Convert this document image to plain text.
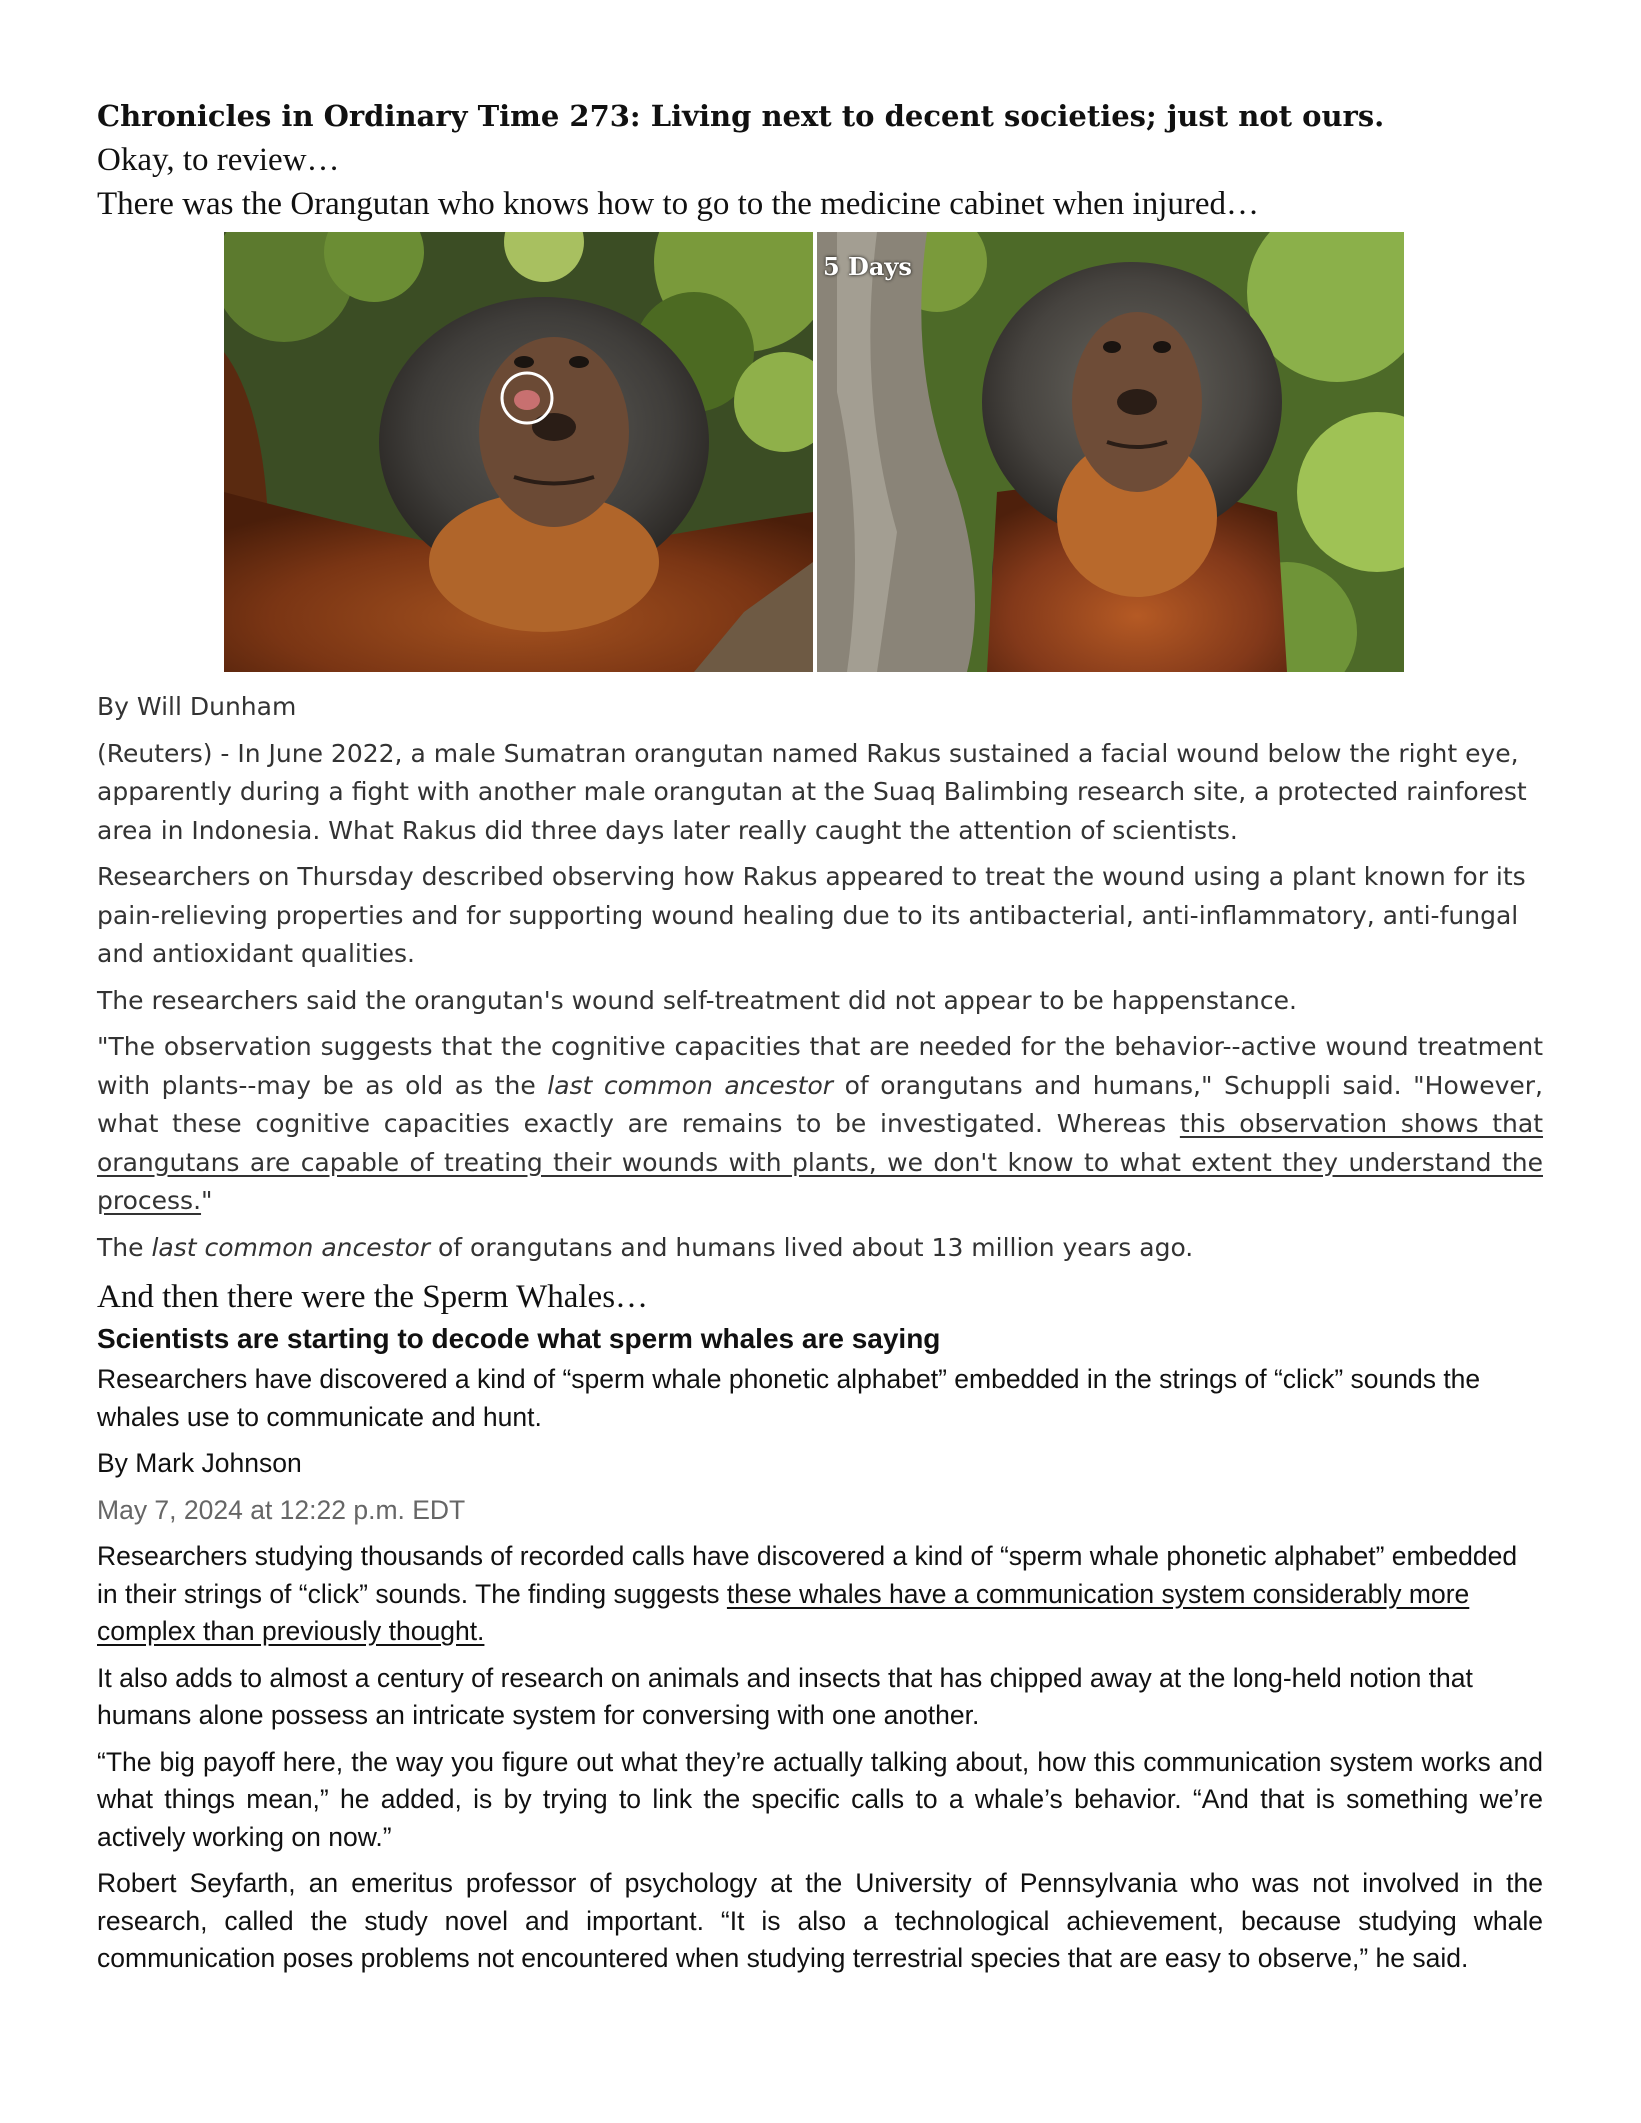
Chronicles in Ordinary Time 273: Living next to decent societies; just not ours.

Okay, to review…

There was the Orangutan who knows how to go to the medicine cabinet when injured…

5 Days

By Will Dunham

(Reuters) - In June 2022, a male Sumatran orangutan named Rakus sustained a facial wound below the right eye, apparently during a fight with another male orangutan at the Suaq Balimbing research site, a protected rainforest area in Indonesia. What Rakus did three days later really caught the attention of scientists.

Researchers on Thursday described observing how Rakus appeared to treat the wound using a plant known for its pain-relieving properties and for supporting wound healing due to its antibacterial, anti-inflammatory, anti-fungal and antioxidant qualities.

The researchers said the orangutan's wound self-treatment did not appear to be happenstance.

"The observation suggests that the cognitive capacities that are needed for the behavior--active wound treatment with plants--may be as old as the last common ancestor of orangutans and humans," Schuppli said. "However, what these cognitive capacities exactly are remains to be investigated. Whereas this observation shows that orangutans are capable of treating their wounds with plants, we don't know to what extent they understand the process."

The last common ancestor of orangutans and humans lived about 13 million years ago.

And then there were the Sperm Whales…

Scientists are starting to decode what sperm whales are saying

Researchers have discovered a kind of “sperm whale phonetic alphabet” embedded in the strings of “click” sounds the whales use to communicate and hunt.

By Mark Johnson

May 7, 2024 at 12:22 p.m. EDT

Researchers studying thousands of recorded calls have discovered a kind of “sperm whale phonetic alphabet” embedded in their strings of “click” sounds. The finding suggests these whales have a communication system considerably more complex than previously thought.

It also adds to almost a century of research on animals and insects that has chipped away at the long-held notion that humans alone possess an intricate system for conversing with one another.

“The big payoff here, the way you figure out what they’re actually talking about, how this communication system works and what things mean,” he added, is by trying to link the specific calls to a whale’s behavior. “And that is something we’re actively working on now.”

Robert Seyfarth, an emeritus professor of psychology at the University of Pennsylvania who was not involved in the research, called the study novel and important. “It is also a technological achievement, because studying whale communication poses problems not encountered when studying terrestrial species that are easy to observe,” he said.
